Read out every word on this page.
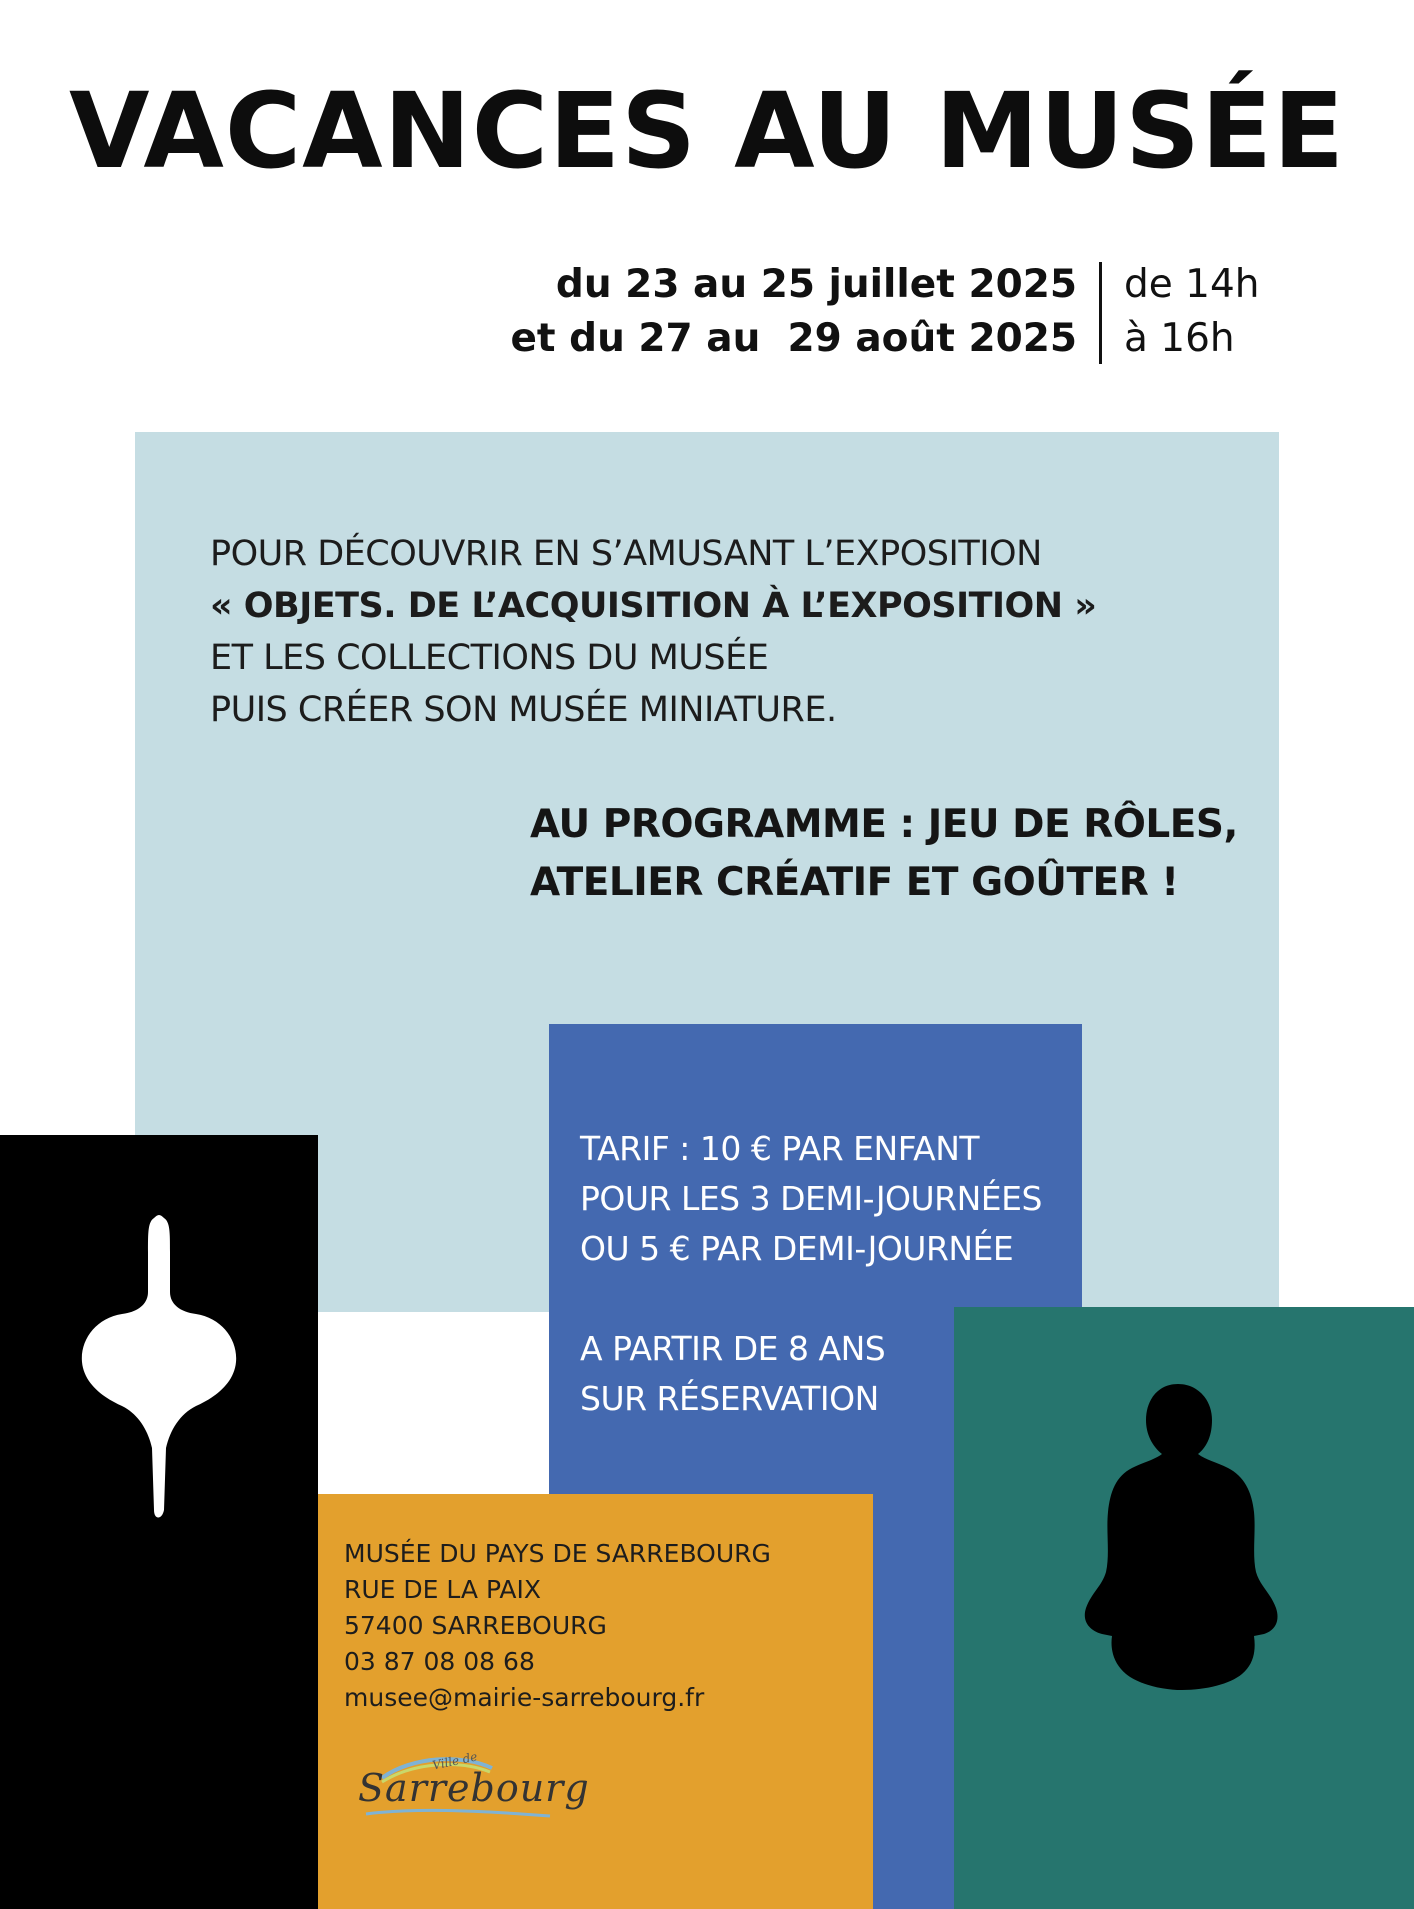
VACANCES AU MUSÉE
du 23 au 25 juillet 2025
et du 27 au  29 août 2025
de 14h
à 16h
POUR DÉCOUVRIR EN S’AMUSANT L’EXPOSITION
« OBJETS. DE L’ACQUISITION À L’EXPOSITION »
ET LES COLLECTIONS DU MUSÉE
PUIS CRÉER SON MUSÉE MINIATURE.
AU PROGRAMME : JEU DE RÔLES,
ATELIER CRÉATIF ET GOÛTER !
TARIF : 10 € PAR ENFANT
POUR LES 3 DEMI-JOURNÉES
OU 5 € PAR DEMI-JOURNÉE
A PARTIR DE 8 ANS
SUR RÉSERVATION
MUSÉE DU PAYS DE SARREBOURG
RUE DE LA PAIX
57400 SARREBOURG
03 87 08 08 68
musee@mairie-sarrebourg.fr
Ville de
Sarrebourg
